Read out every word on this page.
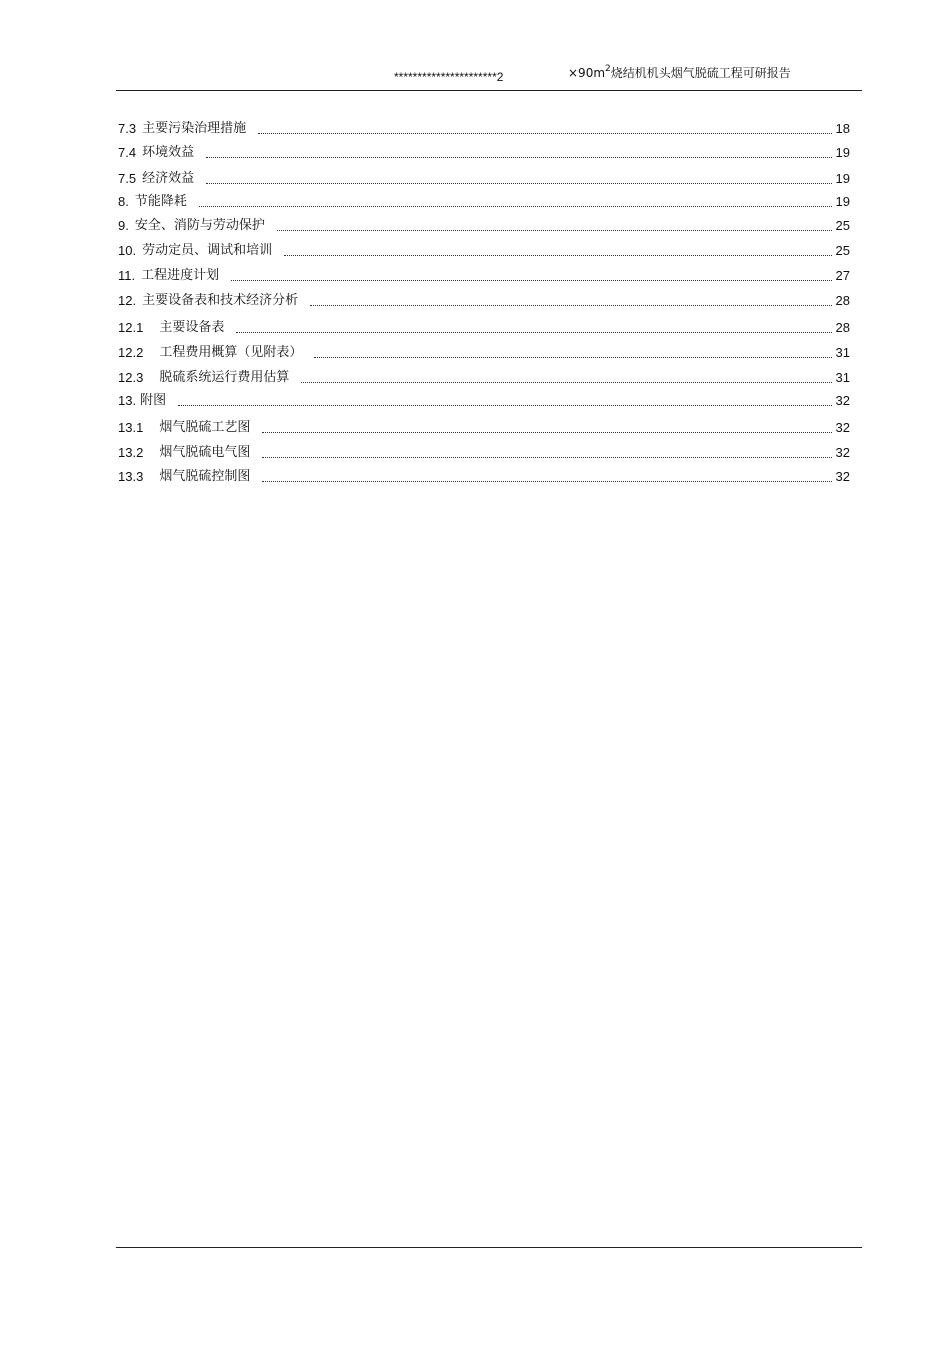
**********************2	$\times 90m^2$烧结机机头烟气脱硫工程可研报告
7.3 主要污染治理措施	18
7.4 环境效益	19
7.5 经济效益	19
8. 节能降耗	19
9. 安全、消防与劳动保护	25
10. 劳动定员、调试和培训	25
11. 工程进度计划	27
12. 主要设备表和技术经济分析	28
12.1 主要设备表	28
12.2 工程费用概算（见附表）	31
12.3 脱硫系统运行费用估算	31
13. 附图	32
13.1 烟气脱硫工艺图	32
13.2 烟气脱硫电气图	32
13.3 烟气脱硫控制图	32
